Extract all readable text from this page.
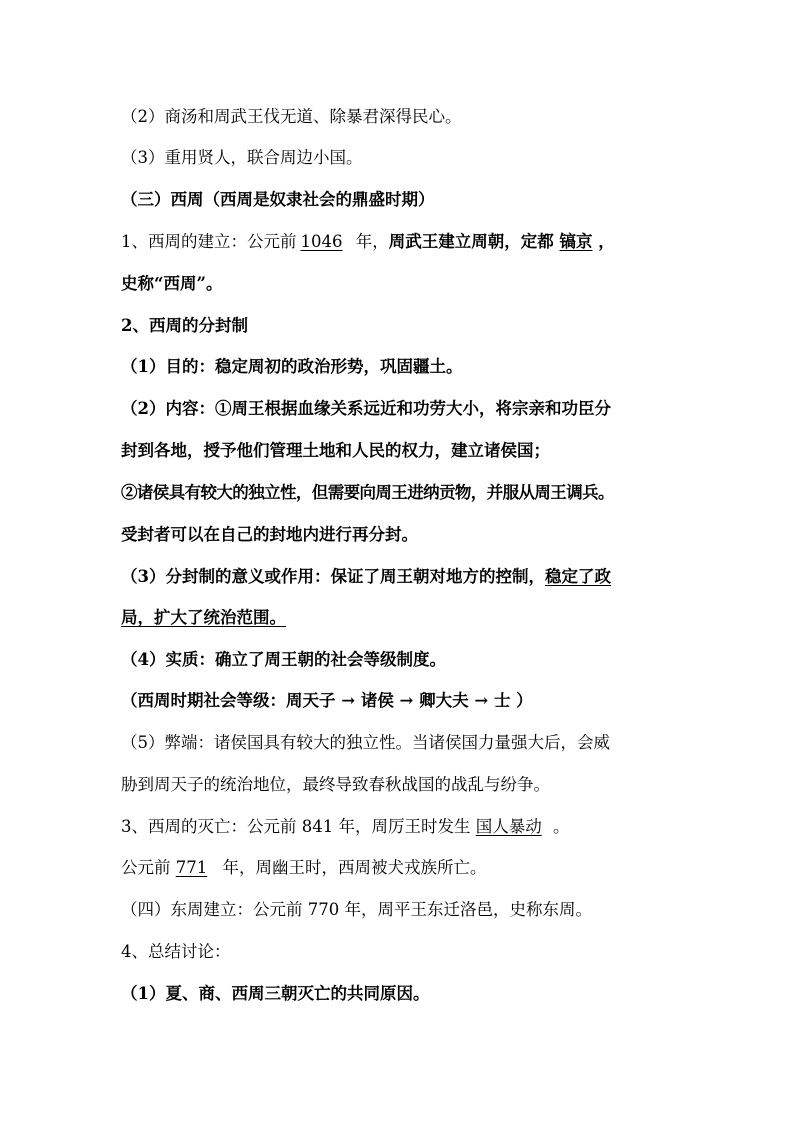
（2）商汤和周武王伐无道、除暴君深得民心。
（3）重用贤人，联合周边小国。
（三）西周（西周是奴隶社会的鼎盛时期）
1、西周的建立：公元前 1046 年，周武王建立周朝，定都 镐京 ，
史称“西周”。
2、西周的分封制
（1）目的：稳定周初的政治形势，巩固疆土。
（2）内容：①周王根据血缘关系远近和功劳大小，将宗亲和功臣分
封到各地，授予他们管理土地和人民的权力，建立诸侯国；
②诸侯具有较大的独立性，但需要向周王进纳贡物，并服从周王调兵。
受封者可以在自己的封地内进行再分封。
（3）分封制的意义或作用：保证了周王朝对地方的控制，稳定了政
局，扩大了统治范围。
（4）实质：确立了周王朝的社会等级制度。
（西周时期社会等级：周天子 → 诸侯 → 卿大夫 → 士 ）
（5）弊端：诸侯国具有较大的独立性。当诸侯国力量强大后，会威
胁到周天子的统治地位，最终导致春秋战国的战乱与纷争。
3、西周的灭亡：公元前 841 年，周厉王时发生 国人暴动 。
公元前 771 年，周幽王时，西周被犬戎族所亡。
（四）东周建立：公元前 770 年，周平王东迁洛邑，史称东周。
4、总结讨论：
（1）夏、商、西周三朝灭亡的共同原因。
